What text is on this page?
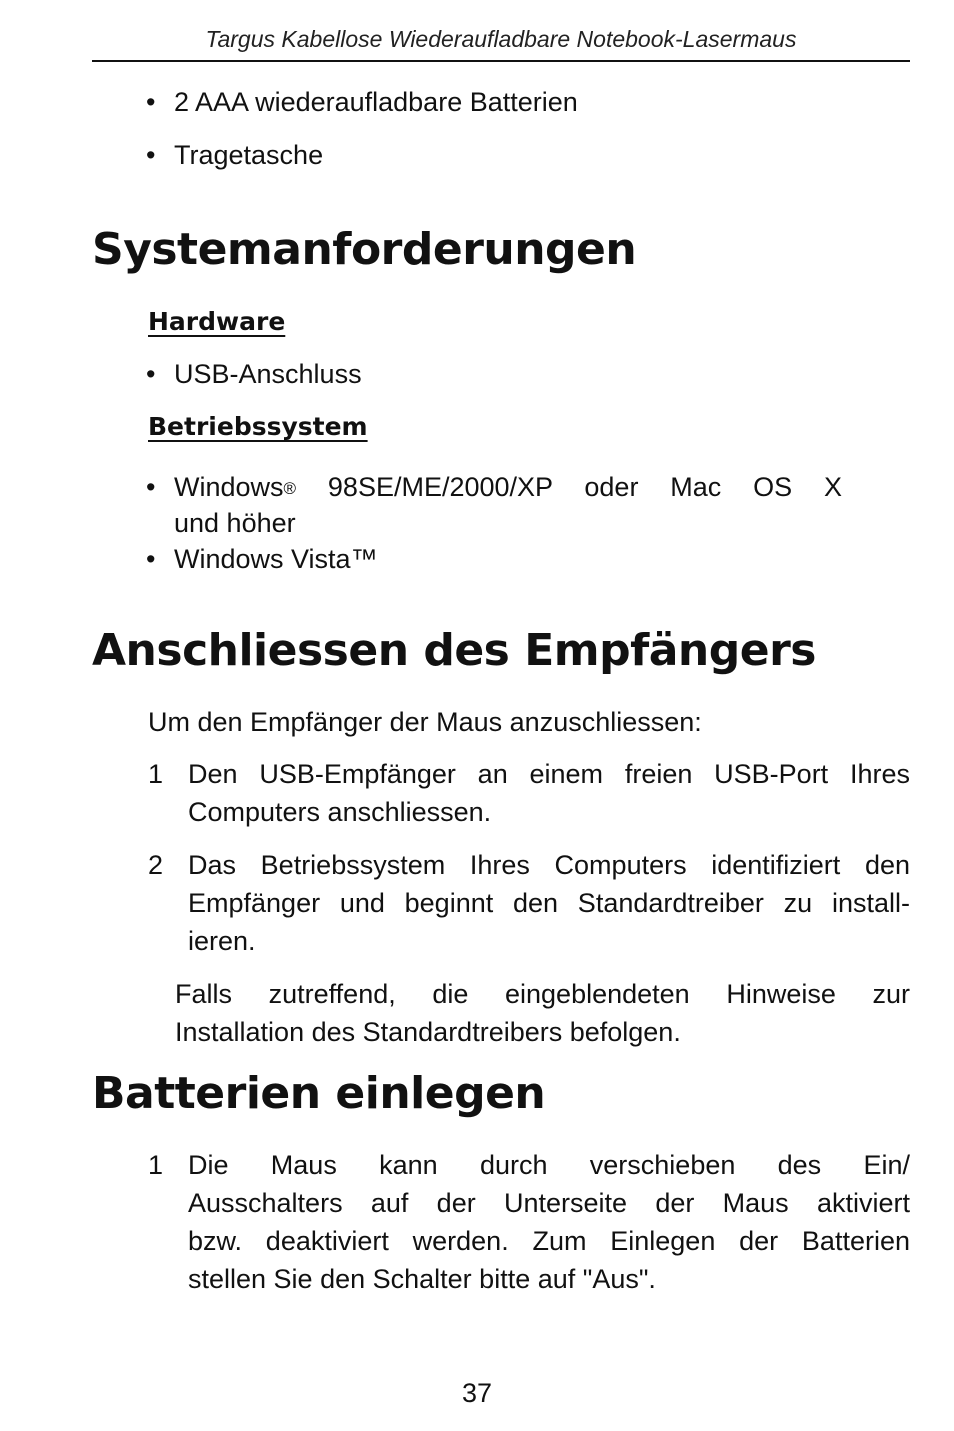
Targus Kabellose Wiederaufladbare Notebook-Lasermaus
• 2 AAA wiederaufladbare Batterien
• Tragetasche
Systemanforderungen
Hardware
• USB-Anschluss
Betriebssystem
• Windows® 98SE/ME/2000/XP oder Mac OS X
und höher
• Windows Vista™
Anschliessen des Empfängers
Um den Empfänger der Maus anzuschliessen:
1 Den USB-Empfänger an einem freien USB-Port Ihres
Computers anschliessen.
2 Das Betriebssystem Ihres Computers identifiziert den
Empfänger und beginnt den Standardtreiber zu install-
ieren.
Falls zutreffend, die eingeblendeten Hinweise zur
Installation des Standardtreibers befolgen.
Batterien einlegen
1 Die Maus kann durch verschieben des Ein/
Ausschalters auf der Unterseite der Maus aktiviert
bzw. deaktiviert werden. Zum Einlegen der Batterien
stellen Sie den Schalter bitte auf "Aus".
37
